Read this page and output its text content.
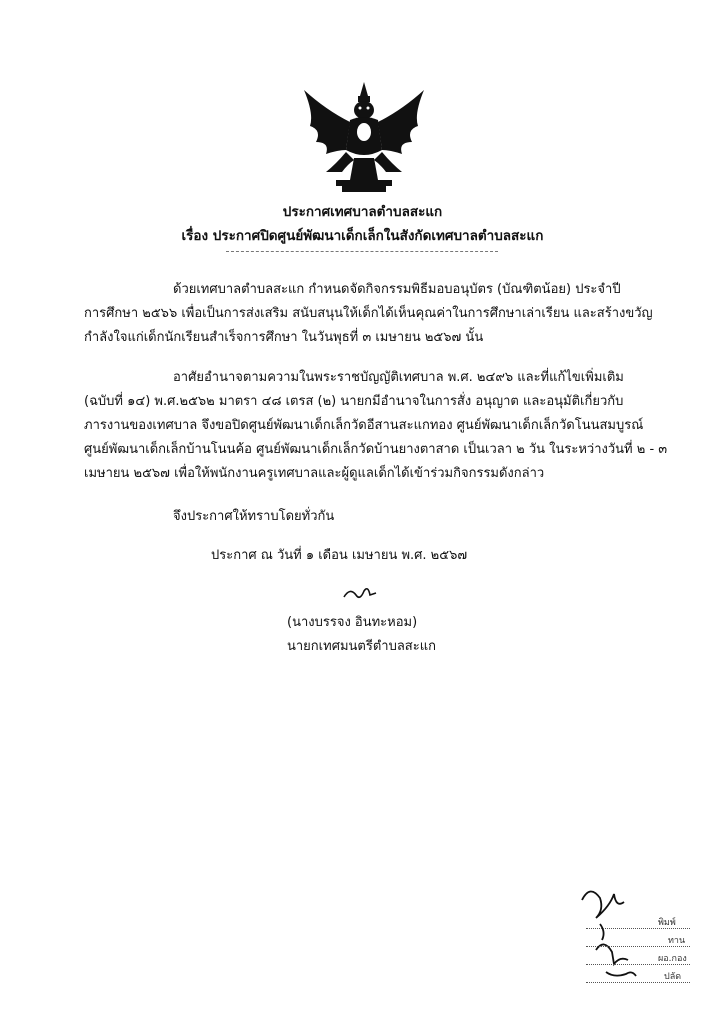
ประกาศเทศบาลตำบลสะแก
เรื่อง ประกาศปิดศูนย์พัฒนาเด็กเล็กในสังกัดเทศบาลตำบลสะแก
ด้วยเทศบาลตำบลสะแก กำหนดจัดกิจกรรมพิธีมอบอนุบัตร (บัณฑิตน้อย) ประจำปี
การศึกษา ๒๕๖๖ เพื่อเป็นการส่งเสริม สนับสนุนให้เด็กได้เห็นคุณค่าในการศึกษาเล่าเรียน และสร้างขวัญ
กำลังใจแก่เด็กนักเรียนสำเร็จการศึกษา ในวันพุธที่ ๓ เมษายน ๒๕๖๗ นั้น
อาศัยอำนาจตามความในพระราชบัญญัติเทศบาล พ.ศ. ๒๔๙๖ และที่แก้ไขเพิ่มเติม
(ฉบับที่ ๑๔) พ.ศ.๒๕๖๒ มาตรา ๔๘ เตรส (๒) นายกมีอำนาจในการสั่ง อนุญาต และอนุมัติเกี่ยวกับ
ภารงานของเทศบาล จึงขอปิดศูนย์พัฒนาเด็กเล็กวัดอีสานสะแกทอง ศูนย์พัฒนาเด็กเล็กวัดโนนสมบูรณ์
ศูนย์พัฒนาเด็กเล็กบ้านโนนค้อ ศูนย์พัฒนาเด็กเล็กวัดบ้านยางตาสาด เป็นเวลา ๒ วัน ในระหว่างวันที่ ๒ - ๓
เมษายน ๒๕๖๗ เพื่อให้พนักงานครูเทศบาลและผู้ดูแลเด็กได้เข้าร่วมกิจกรรมดังกล่าว
จึงประกาศให้ทราบโดยทั่วกัน
ประกาศ ณ วันที่ ๑ เดือน เมษายน พ.ศ. ๒๕๖๗
(นางบรรจง อินทะหอม)
นายกเทศมนตรีตำบลสะแก
พิมพ์
ทาน
ผอ.กอง
ปลัด
